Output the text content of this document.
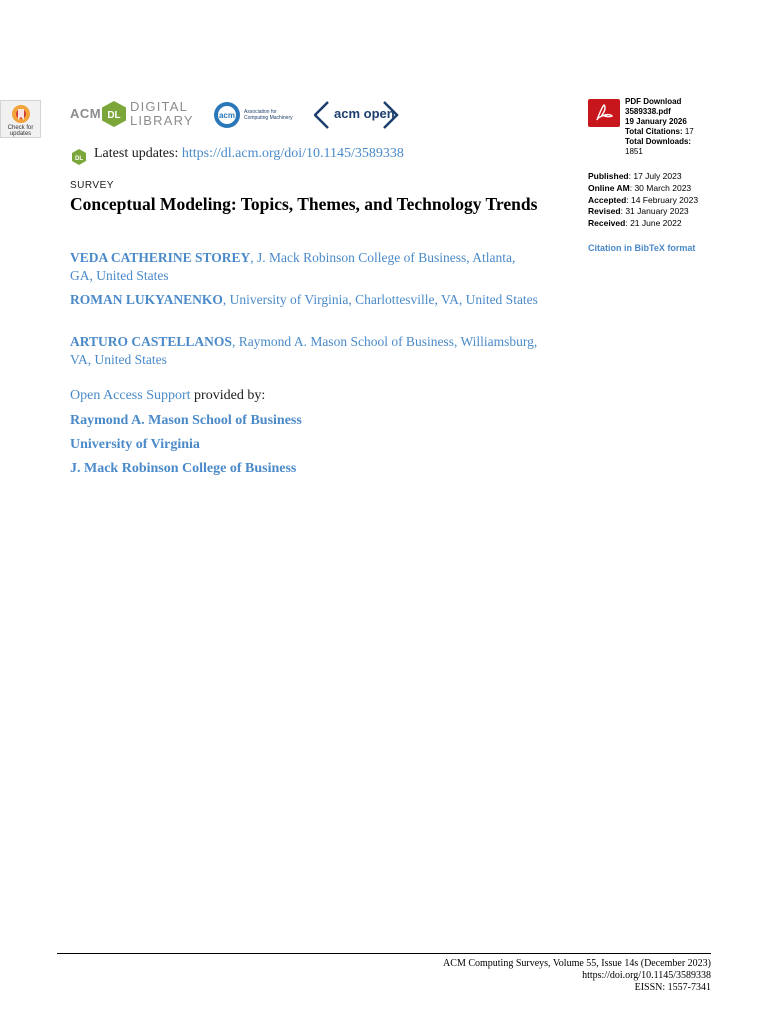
Check for updates
ACM DL
DIGITAL
LIBRARY	acm Association for
Computing Machinery	acm open
DL Latest updates: https://dl.acm.org/doi/10.1145/3589338
SURVEY
Conceptual Modeling: Topics, Themes, and Technology Trends
VEDA CATHERINE STOREY, J. Mack Robinson College of Business, Atlanta, GA, United States
ROMAN LUKYANENKO, University of Virginia, Charlottesville, VA, United States
ARTURO CASTELLANOS, Raymond A. Mason School of Business, Williamsburg, VA, United States
Open Access Support provided by:
Raymond A. Mason School of Business
University of Virginia
J. Mack Robinson College of Business
PDF Download
3589338.pdf
19 January 2026
Total Citations: 17
Total Downloads:
1851
Published: 17 July 2023
Online AM: 30 March 2023
Accepted: 14 February 2023
Revised: 31 January 2023
Received: 21 June 2022
Citation in BibTeX format
ACM Computing Surveys, Volume 55, Issue 14s (December 2023)
https://doi.org/10.1145/3589338
EISSN: 1557-7341
